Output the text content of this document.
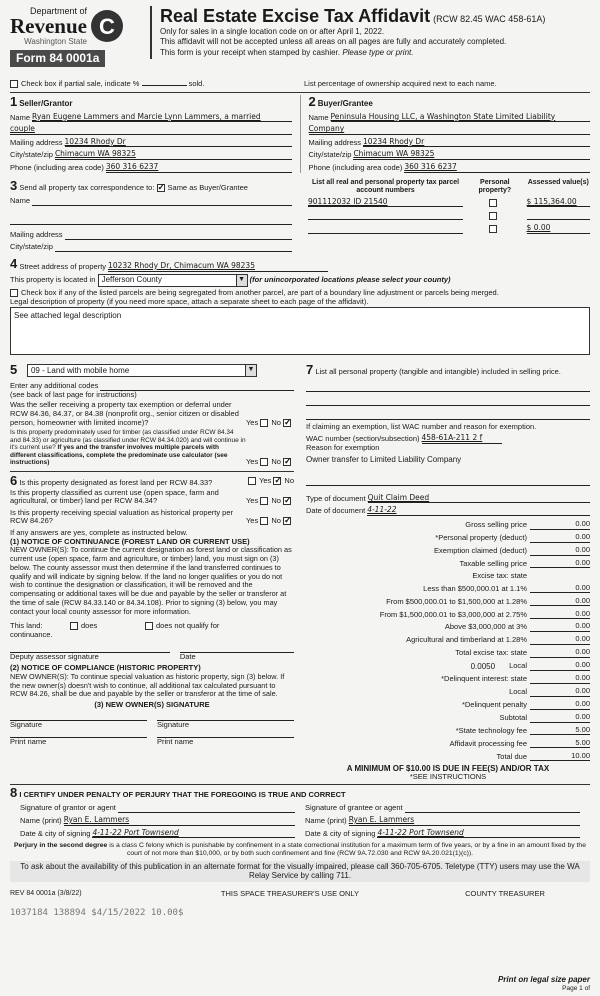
Department of
Revenue
Washington State
C
Form 84 0001a
Real Estate Excise Tax Affidavit (RCW 82.45 WAC 458-61A)
Only for sales in a single location code on or after April 1, 2022.
This affidavit will not be accepted unless all areas on all pages are fully and accurately completed.
This form is your receipt when stamped by cashier. Please type or print.
Check box if partial sale, indicate %	sold.	List percentage of ownership acquired next to each name.
1 Seller/Grantor
Name Ryan Eugene Lammers and Marcie Lynn Lammers, a married
couple
Mailing address 10234 Rhody Dr
City/state/zip Chimacum WA 98325
Phone (including area code) 360 316 6237
2 Buyer/Grantee
Name Peninsula Housing LLC, a Washington State Limited Liability
Company
Mailing address 10234 Rhody Dr
City/state/zip Chimacum WA 98325
Phone (including area code) 360 316 6237
3 Send all property tax correspondence to: ✓ Same as Buyer/Grantee
Name
Mailing address
City/state/zip
List all real and personal property tax parcel account numbers
Personal property?
Assessed value(s)
901112032 ID 21540	$ 115,364.00
$ 0.00
4
Street address of property 10232 Rhody Dr, Chimacum WA 98235
This property is located in
Jefferson County	▼
(for unincorporated locations please select your county)
Check box if any of the listed parcels are being segregated from another parcel, are part of a boundary line adjustment or parcels being merged.
Legal description of property (if you need more space, attach a separate sheet to each page of the affidavit).
See attached legal description
5
	09 - Land with mobile home	▼
Enter any additional codes
(see back of last page for instructions)
Was the seller receiving a property tax exemption or deferral under RCW 84.36, 84.37, or 84.38 (nonprofit org., senior citizen or disabled person, homeowner with limited income)?	Yes No ✓
Is this property predominately used for timber (as classified under RCW 84.34 and 84.33) or agriculture (as classified under RCW 84.34.020) and will continue in it's current use? If yes and the transfer involves multiple parcels with different classifications, complete the predominate use calculator (see instructions)	Yes No ✓
6 Is this property designated as forest land per RCW 84.33?	Yes ✓ No
Is this property classified as current use (open space, farm and agricultural, or timber) land per RCW 84.34?	Yes No ✓
Is this property receiving special valuation as historical property per RCW 84.26?	Yes No ✓
If any answers are yes, complete as instructed below.
(1) NOTICE OF CONTINUANCE (FOREST LAND OR CURRENT USE)
NEW OWNER(S): To continue the current designation as forest land or classification as current use (open space, farm and agriculture, or timber) land, you must sign on (3) below. The county assessor must then determine if the land transferred continues to qualify and will indicate by signing below. If the land no longer qualifies or you do not wish to continue the designation or classification, it will be removed and the compensating or additional taxes will be due and payable by the seller or transferor at the time of sale (RCW 84.33.140 or 84.34.108). Prior to signing (3) below, you may contact your local county assessor for more information.
This land:	does	does not qualify for
continuance.
Deputy assessor signature	Date
(2) NOTICE OF COMPLIANCE (HISTORIC PROPERTY)
NEW OWNER(S): To continue special valuation as historic property, sign (3) below. If the new owner(s) doesn't wish to continue, all additional tax calculated pursuant to RCW 84.26, shall be due and payable by the seller or transferor at the time of sale.
(3) NEW OWNER(S) SIGNATURE
Signature	Signature
Print name	Print name
7 List all personal property (tangible and intangible) included in selling price.
If claiming an exemption, list WAC number and reason for exemption.
WAC number (section/subsection) 458-61A-211 2 f
Reason for exemption
Owner transfer to Limited Liability Company
Type of document Quit Claim Deed
Date of document 4-11-22
Gross selling price	0.00
*Personal property (deduct)	0.00
Exemption claimed (deduct)	0.00
Taxable selling price	0.00
Excise tax: state
Less than $500,000.01 at 1.1%	0.00
From $500,000.01 to $1,500,000 at 1.28%	0.00
From $1,500,000.01 to $3,000,000 at 2.75%	0.00
Above $3,000,000 at 3%	0.00
Agricultural and timberland at 1.28%	0.00
Total excise tax: state	0.00
0.0050 Local	0.00
*Delinquent interest: state	0.00
Local	0.00
*Delinquent penalty	0.00
Subtotal	0.00
*State technology fee	5.00
Affidavit processing fee	5.00
Total due	10.00
A MINIMUM OF $10.00 IS DUE IN FEE(S) AND/OR TAX
*SEE INSTRUCTIONS
8 I CERTIFY UNDER PENALTY OF PERJURY THAT THE FOREGOING IS TRUE AND CORRECT
Signature of grantor or agent
Name (print) Ryan E. Lammers
Date & city of signing 4-11-22 Port Townsend
Signature of grantee or agent
Name (print) Ryan E. Lammers
Date & city of signing 4-11-22 Port Townsend
Perjury in the second degree is a class C felony which is punishable by confinement in a state correctional institution for a maximum term of five years, or by a fine in an amount fixed by the court of not more than $10,000, or by both such confinement and fine (RCW 9A.72.030 and RCW 9A.20.021(1)(c)).
To ask about the availability of this publication in an alternate format for the visually impaired, please call 360-705-6705. Teletype (TTY) users may use the WA Relay Service by calling 711.
REV 84 0001a (3/8/22)	THIS SPACE TREASURER'S USE ONLY	COUNTY TREASURER
1037184 138894 $4/15/2022 10.00$
Print on legal size paper
Page 1 of
